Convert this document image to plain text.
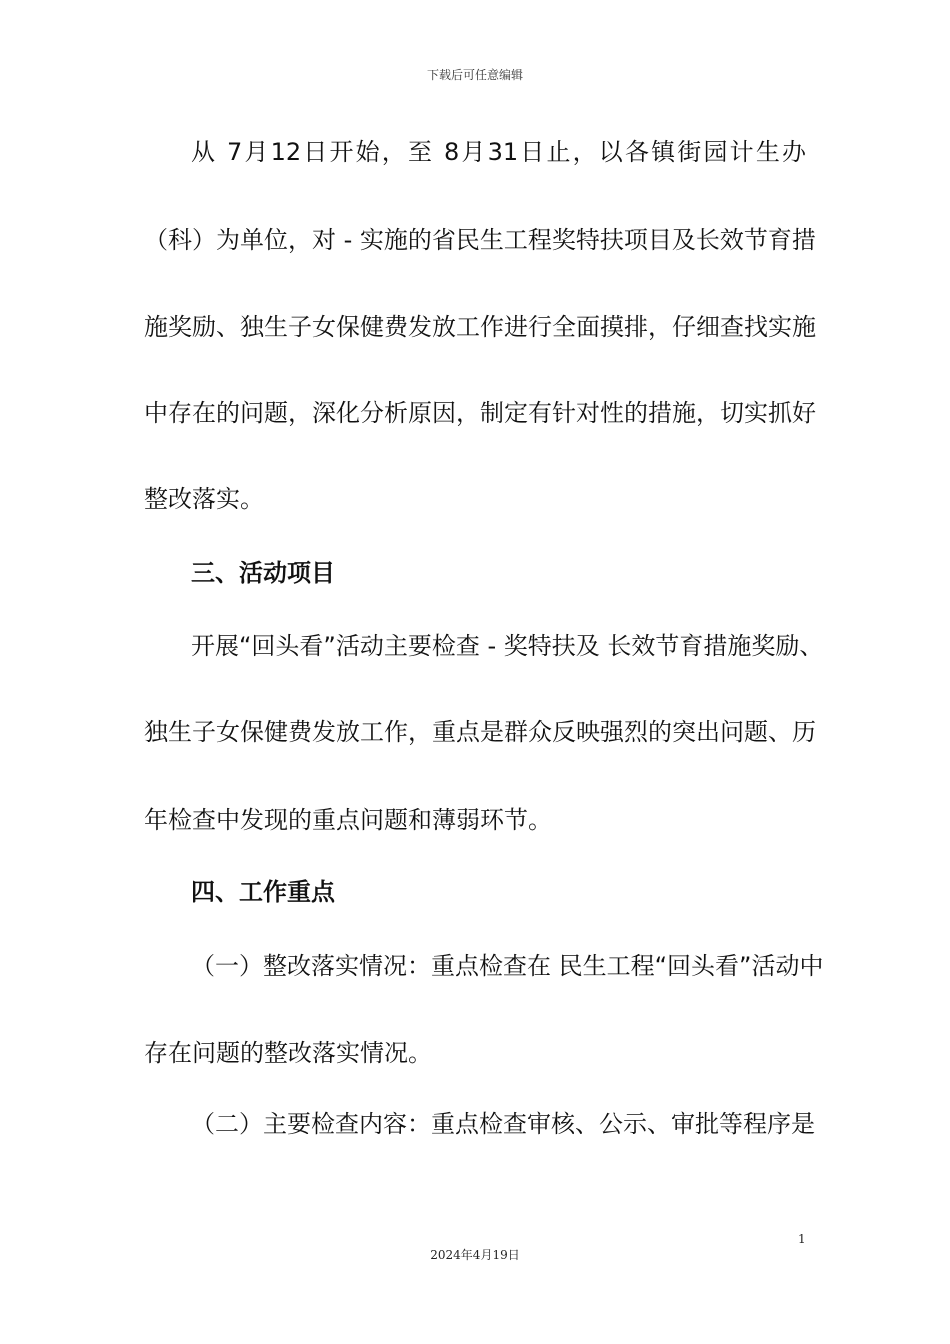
下载后可任意编辑
从 7月12日开始，至 8月31日止，以各镇街园计生办
（科）为单位，对 - 实施的省民生工程奖特扶项目及长效节育措
施奖励、独生子女保健费发放工作进行全面摸排，仔细查找实施
中存在的问题，深化分析原因，制定有针对性的措施，切实抓好
整改落实。
三、活动项目
开展“回头看”活动主要检查 - 奖特扶及 长效节育措施奖励、
独生子女保健费发放工作，重点是群众反映强烈的突出问题、历
年检查中发现的重点问题和薄弱环节。
四、工作重点
（一）整改落实情况：重点检查在 民生工程“回头看”活动中
存在问题的整改落实情况。
（二）主要检查内容：重点检查审核、公示、审批等程序是
1
2024年4月19日
